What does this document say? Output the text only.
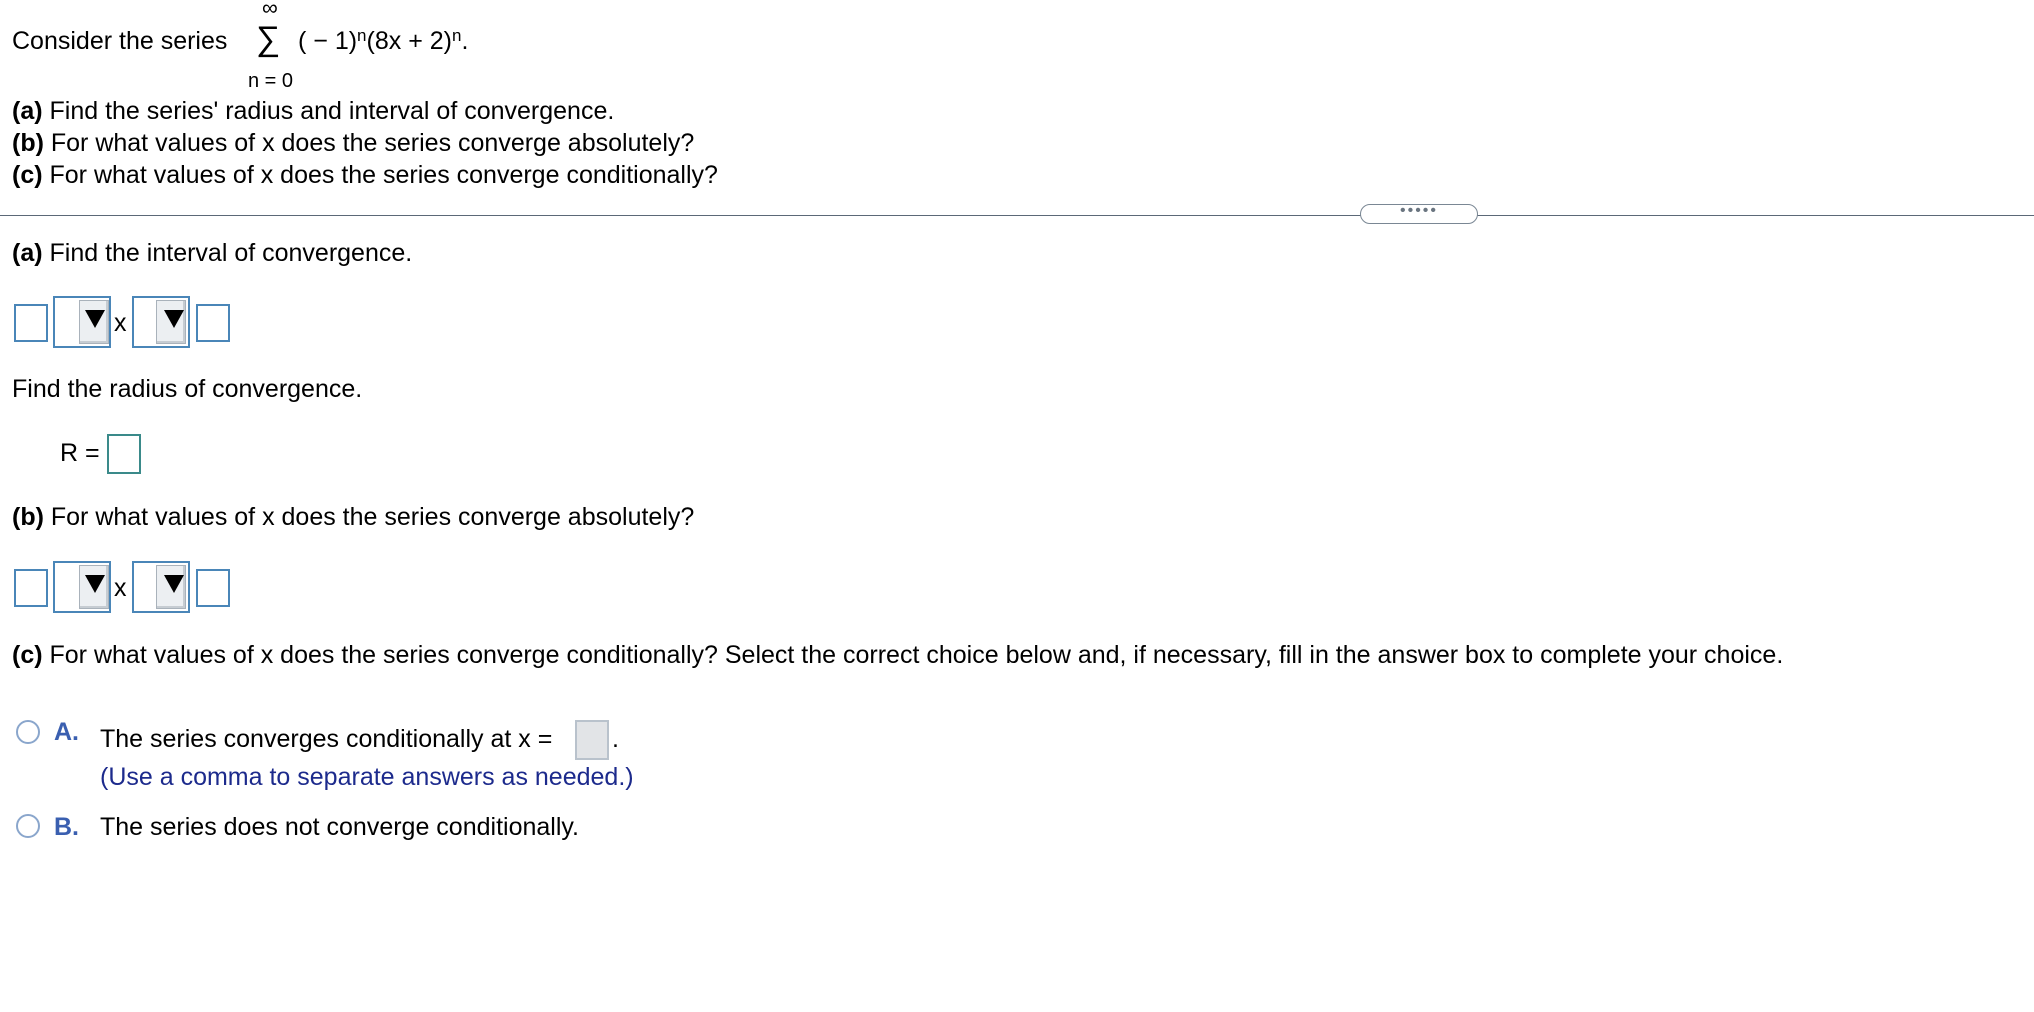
Consider the series
∞
∑ ( − $1)^n(8x + 2)^n$.
n = 0
(a) Find the series' radius and interval of convergence.
(b) For what values of x does the series converge absolutely?
(c) For what values of x does the series converge conditionally?
•••••
(a) Find the interval of convergence.
x
Find the radius of convergence.
R =
(b) For what values of x does the series converge absolutely?
x
(c) For what values of x does the series converge conditionally? Select the correct choice below and, if necessary, fill in the answer box to complete your choice.
A. The series converges conditionally at x = .
(Use a comma to separate answers as needed.)
B. The series does not converge conditionally.
